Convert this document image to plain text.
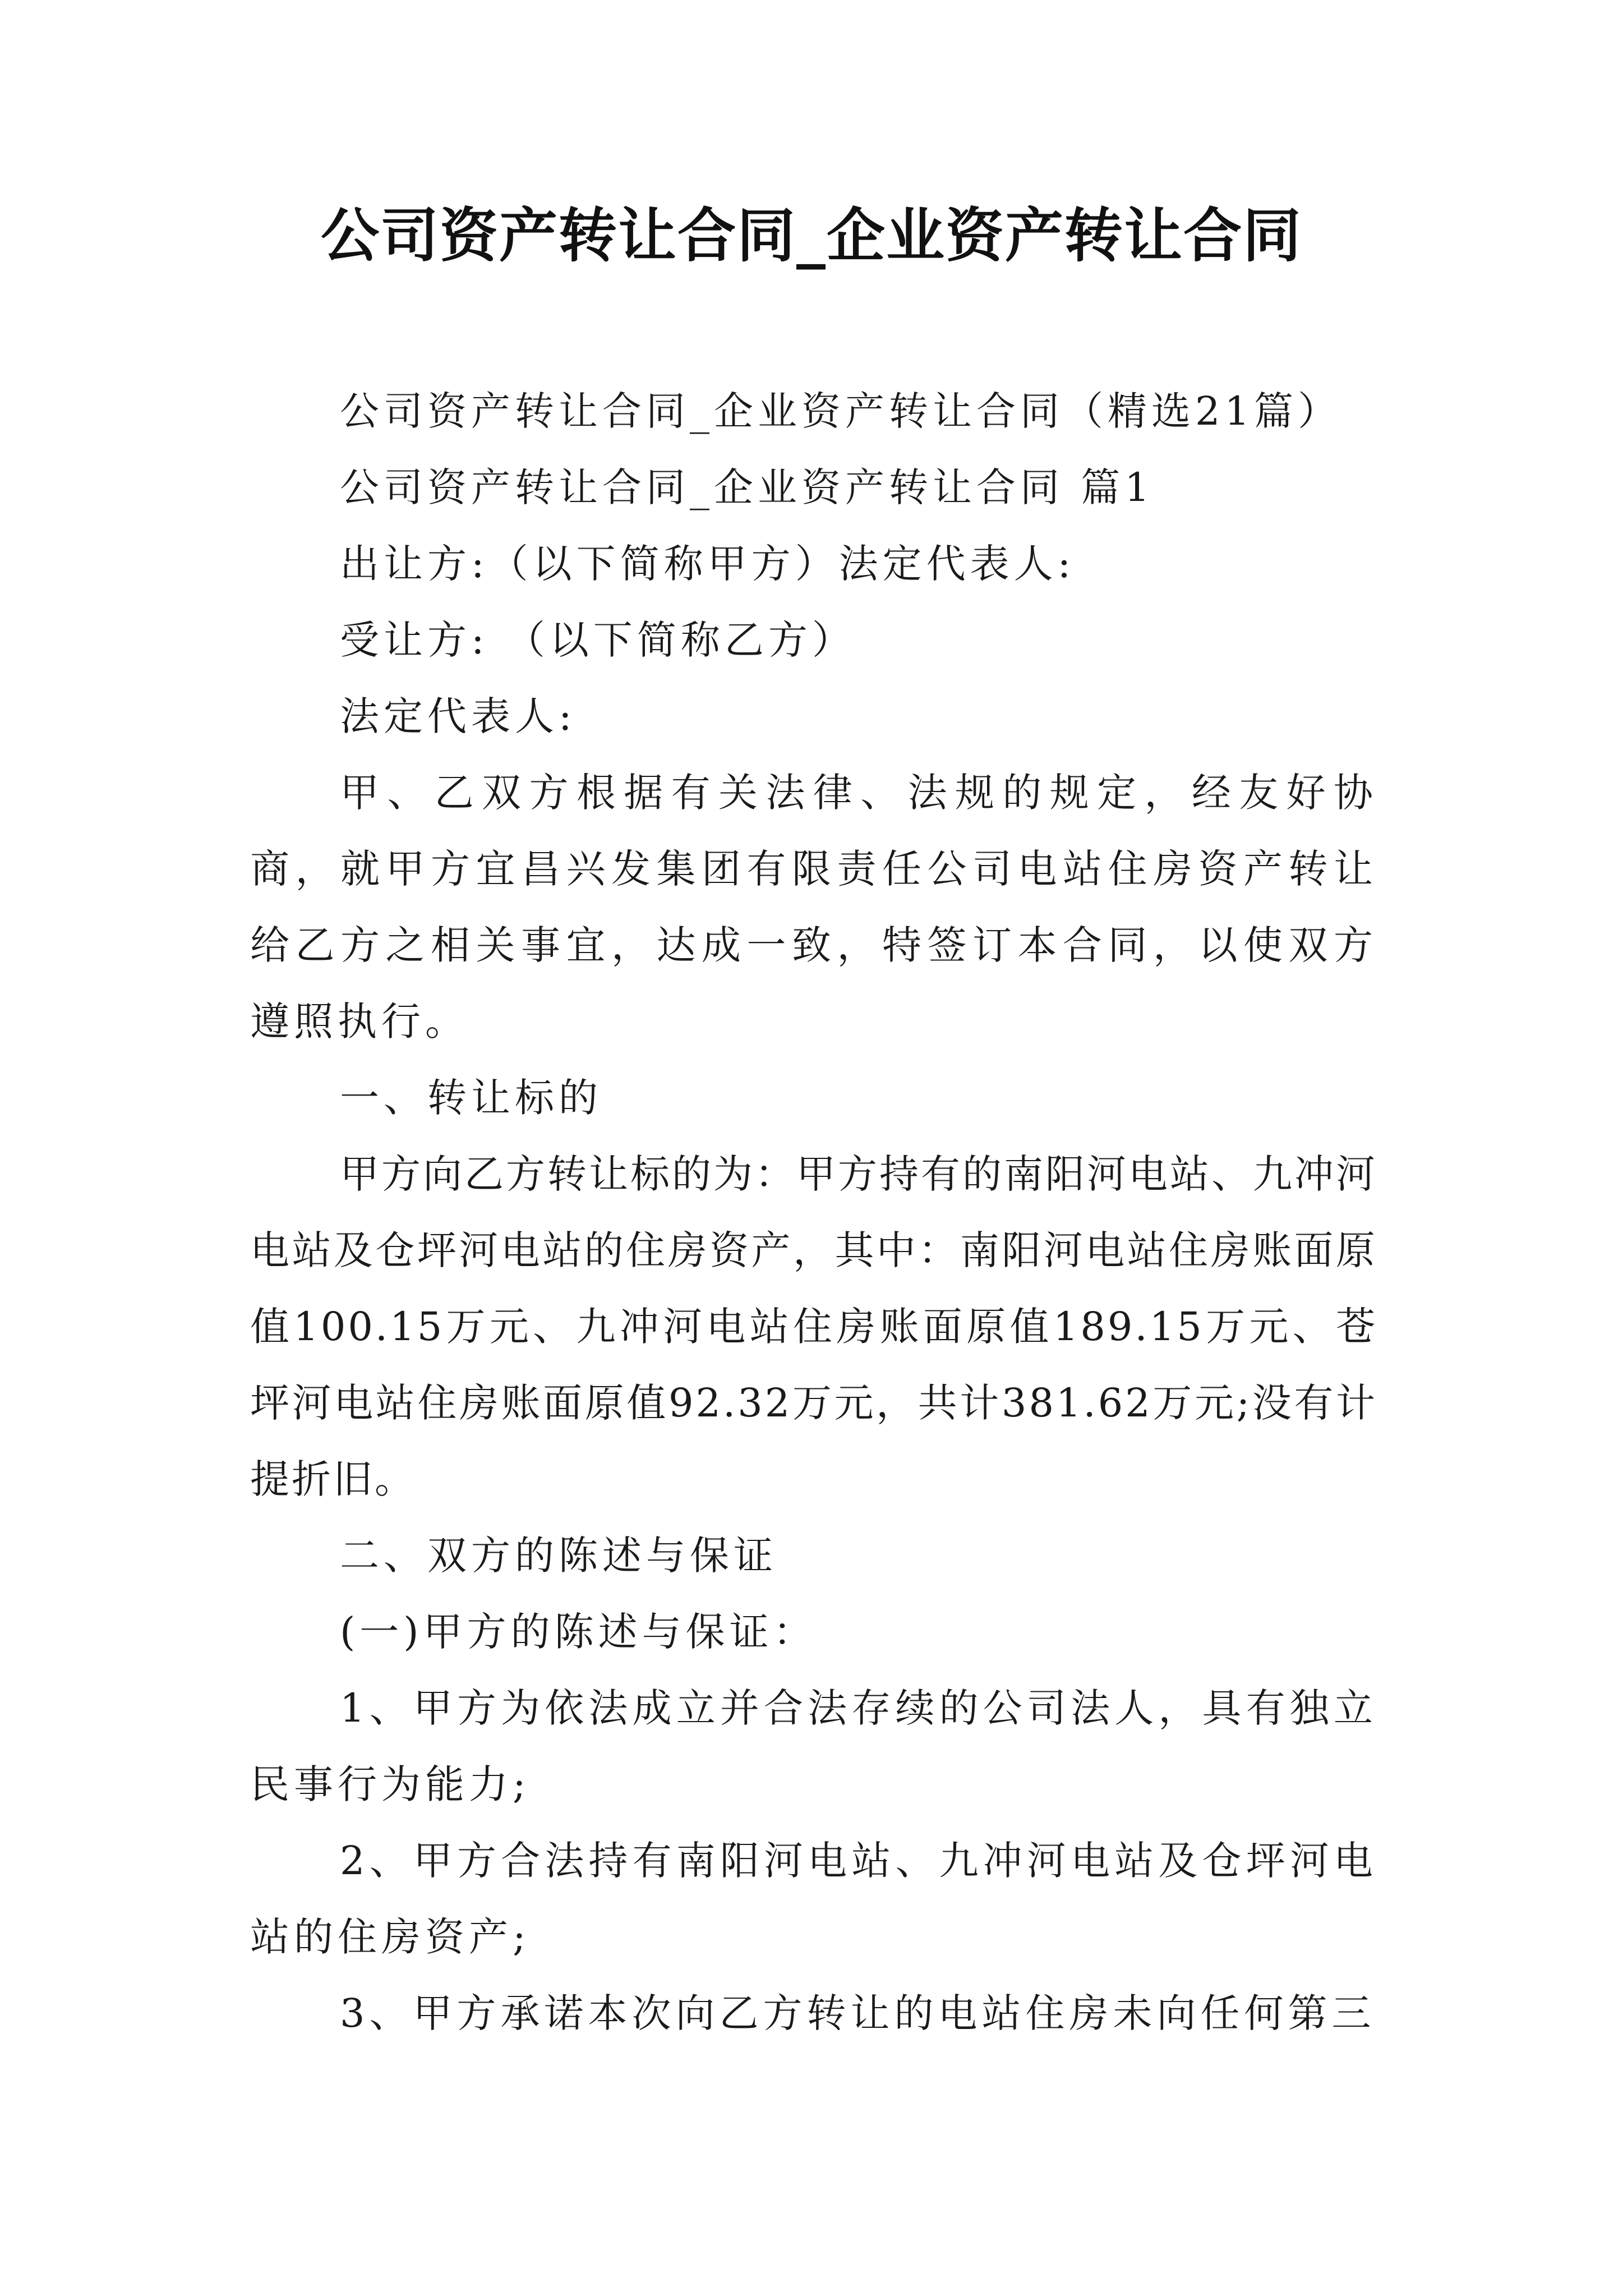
公司资产转让合同_企业资产转让合同

公司资产转让合同_企业资产转让合同（精选21篇）

公司资产转让合同_企业资产转让合同 篇1

出让方:（以下简称甲方）法定代表人:

受让方: （以下简称乙方）

法定代表人:

甲、乙双方根据有关法律、法规的规定，经友好协商，就甲方宜昌兴发集团有限责任公司电站住房资产转让给乙方之相关事宜，达成一致，特签订本合同，以使双方遵照执行。

一、转让标的

甲方向乙方转让标的为：甲方持有的南阳河电站、九冲河电站及仓坪河电站的住房资产，其中：南阳河电站住房账面原值100.15万元、九冲河电站住房账面原值189.15万元、苍坪河电站住房账面原值92.32万元，共计381.62万元;没有计提折旧。

二、双方的陈述与保证

(一)甲方的陈述与保证：

1、甲方为依法成立并合法存续的公司法人，具有独立民事行为能力;

2、甲方合法持有南阳河电站、九冲河电站及仓坪河电站的住房资产;

3、甲方承诺本次向乙方转让的电站住房未向任何第三
